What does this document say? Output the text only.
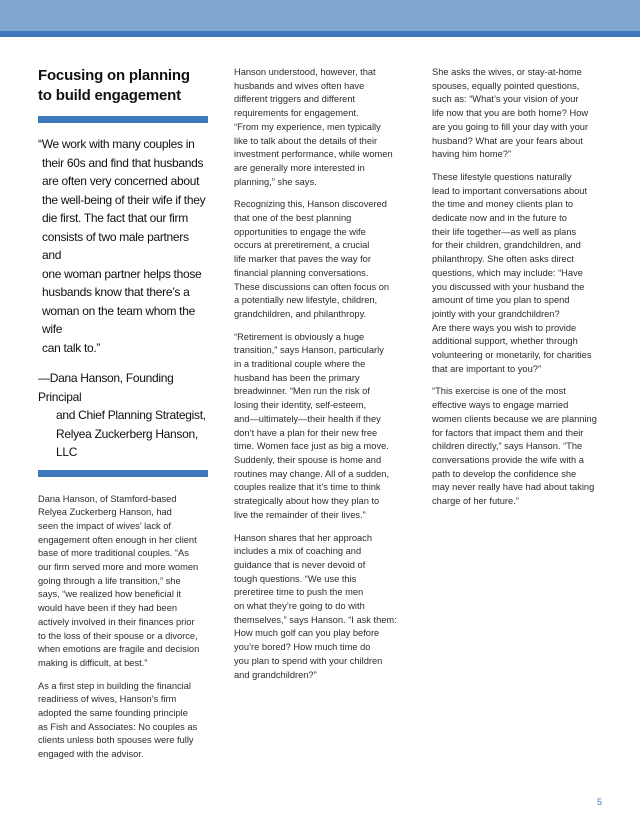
Focusing on planning
to build engagement
“We work with many couples in
their 60s and find that husbands
are often very concerned about
the well-being of their wife if they
die first. The fact that our firm
consists of two male partners and
one woman partner helps those
husbands know that there’s a
woman on the team whom the wife
can talk to.”
—Dana Hanson, Founding Principal
and Chief Planning Strategist,
Relyea Zuckerberg Hanson, LLC

Dana Hanson, of Stamford-based
Relyea Zuckerberg Hanson, had
seen the impact of wives’ lack of
engagement often enough in her client
base of more traditional couples. “As
our firm served more and more women
going through a life transition,” she
says, “we realized how beneficial it
would have been if they had been
actively involved in their finances prior
to the loss of their spouse or a divorce,
when emotions are fragile and decision
making is difficult, at best.”

As a first step in building the financial
readiness of wives, Hanson’s firm
adopted the same founding principle
as Fish and Associates: No couples as
clients unless both spouses were fully
engaged with the advisor.

Hanson understood, however, that
husbands and wives often have
different triggers and different
requirements for engagement.
“From my experience, men typically
like to talk about the details of their
investment performance, while women
are generally more interested in
planning,” she says.

Recognizing this, Hanson discovered
that one of the best planning
opportunities to engage the wife
occurs at preretirement, a crucial
life marker that paves the way for
financial planning conversations.
These discussions can often focus on
a potentially new lifestyle, children,
grandchildren, and philanthropy.

“Retirement is obviously a huge
transition,” says Hanson, particularly
in a traditional couple where the
husband has been the primary
breadwinner. “Men run the risk of
losing their identity, self-esteem,
and—ultimately—their health if they
don’t have a plan for their new free
time. Women face just as big a move.
Suddenly, their spouse is home and
routines may change. All of a sudden,
couples realize that it’s time to think
strategically about how they plan to
live the remainder of their lives.”

Hanson shares that her approach
includes a mix of coaching and
guidance that is never devoid of
tough questions. “We use this
preretiree time to push the men
on what they’re going to do with
themselves,” says Hanson. “I ask them:
How much golf can you play before
you’re bored? How much time do
you plan to spend with your children
and grandchildren?”

She asks the wives, or stay-at-home
spouses, equally pointed questions,
such as: “What’s your vision of your
life now that you are both home? How
are you going to fill your day with your
husband? What are your fears about
having him home?”

These lifestyle questions naturally
lead to important conversations about
the time and money clients plan to
dedicate now and in the future to
their life together—as well as plans
for their children, grandchildren, and
philanthropy. She often asks direct
questions, which may include: “Have
you discussed with your husband the
amount of time you plan to spend
jointly with your grandchildren?
Are there ways you wish to provide
additional support, whether through
volunteering or monetarily, for charities
that are important to you?”

“This exercise is one of the most
effective ways to engage married
women clients because we are planning
for factors that impact them and their
children directly,” says Hanson. “The
conversations provide the wife with a
path to develop the confidence she
may never really have had about taking
charge of her future.”

5
